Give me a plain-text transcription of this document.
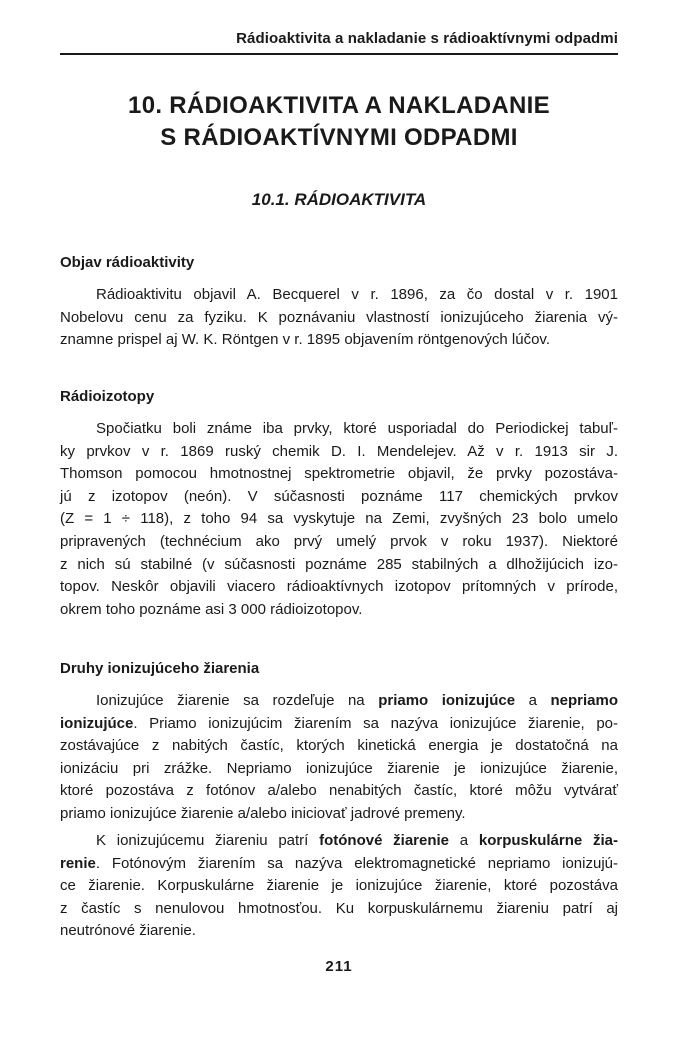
Rádioaktivita a nakladanie s rádioaktívnymi odpadmi
10. RÁDIOAKTIVITA A NAKLADANIE
S RÁDIOAKTÍVNYMI ODPADMI
10.1. RÁDIOAKTIVITA
Objav rádioaktivity
Rádioaktivitu objavil A. Becquerel v r. 1896, za čo dostal v r. 1901
Nobelovu cenu za fyziku. K poznávaniu vlastností ionizujúceho žiarenia vý-
znamne prispel aj W. K. Röntgen v r. 1895 objavením röntgenových lúčov.
Rádioizotopy
Spočiatku boli známe iba prvky, ktoré usporiadal do Periodickej tabuľ-
ky prvkov v r. 1869 ruský chemik D. I. Mendelejev. Až v r. 1913 sir J.
Thomson pomocou hmotnostnej spektrometrie objavil, že prvky pozostáva-
jú z izotopov (neón). V súčasnosti poznáme 117 chemických prvkov
(Z = 1 ÷ 118), z toho 94 sa vyskytuje na Zemi, zvyšných 23 bolo umelo
pripravených (technécium ako prvý umelý prvok v roku 1937). Niektoré
z nich sú stabilné (v súčasnosti poznáme 285 stabilných a dlhožijúcich izo-
topov. Neskôr objavili viacero rádioaktívnych izotopov prítomných v prírode,
okrem toho poznáme asi 3 000 rádioizotopov.
Druhy ionizujúceho žiarenia
Ionizujúce žiarenie sa rozdeľuje na priamo ionizujúce a nepriamo
ionizujúce. Priamo ionizujúcim žiarením sa nazýva ionizujúce žiarenie, po-
zostávajúce z nabitých častíc, ktorých kinetická energia je dostatočná na
ionizáciu pri zrážke. Nepriamo ionizujúce žiarenie je ionizujúce žiarenie,
ktoré pozostáva z fotónov a/alebo nenabitých častíc, ktoré môžu vytvárať
priamo ionizujúce žiarenie a/alebo iniciovať jadrové premeny.
K ionizujúcemu žiareniu patrí fotónové žiarenie a korpuskulárne žia-
renie. Fotónovým žiarením sa nazýva elektromagnetické nepriamo ionizujú-
ce žiarenie. Korpuskulárne žiarenie je ionizujúce žiarenie, ktoré pozostáva
z častíc s nenulovou hmotnosťou. Ku korpuskulárnemu žiareniu patrí aj
neutrónové žiarenie.
211
